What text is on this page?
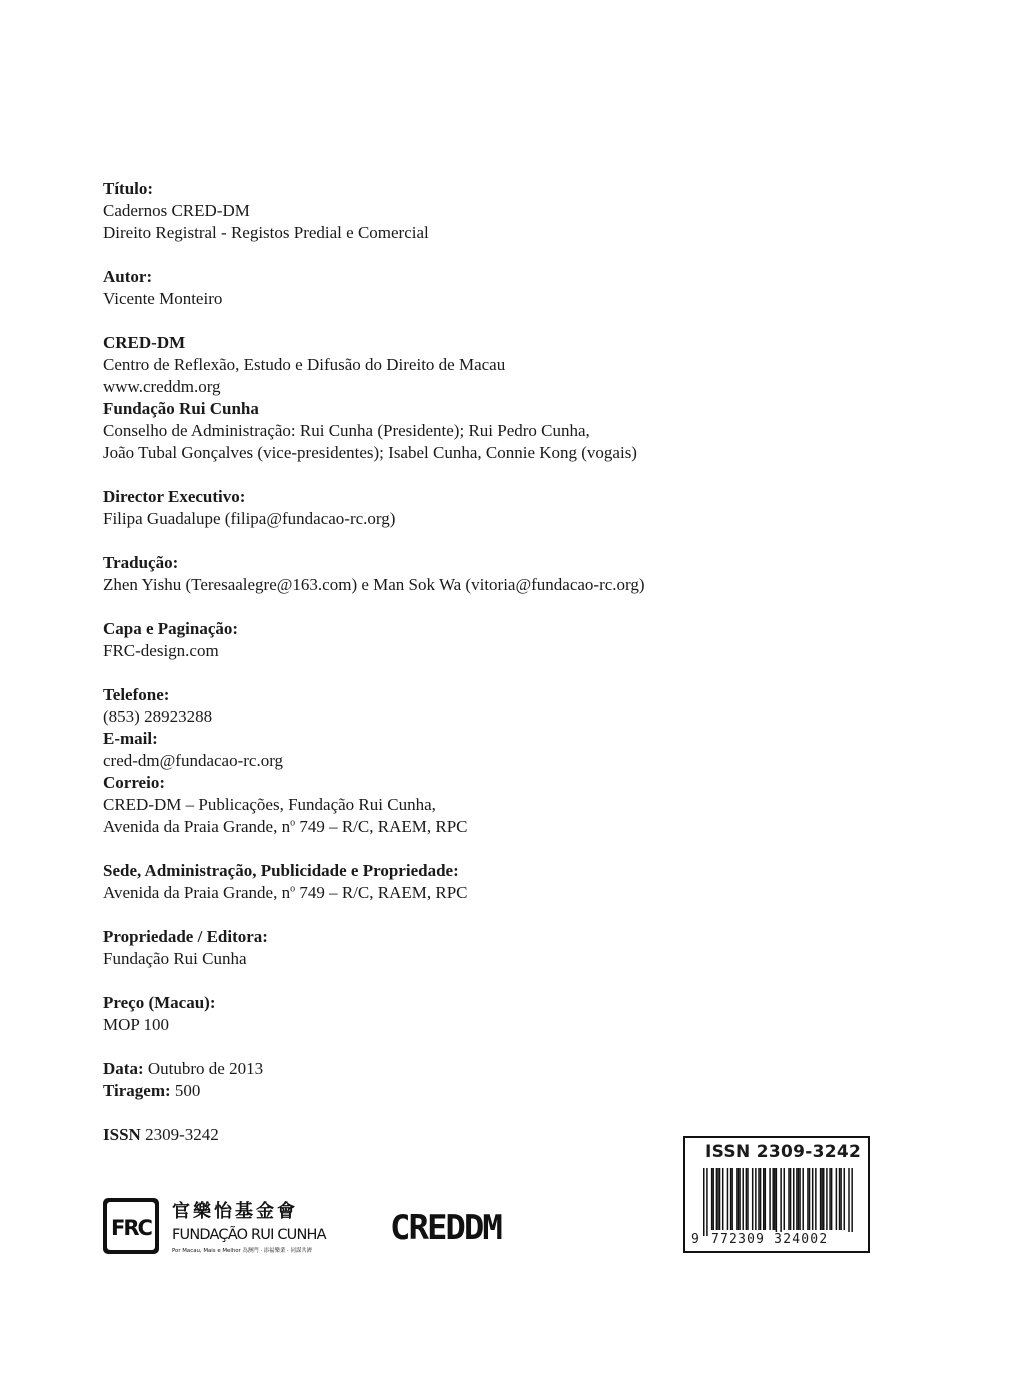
Título:
Cadernos CRED-DM
Direito Registral - Registos Predial e Comercial
Autor:
Vicente Monteiro
CRED-DM
Centro de Reflexão, Estudo e Difusão do Direito de Macau
www.creddm.org
Fundação Rui Cunha
Conselho de Administração: Rui Cunha (Presidente); Rui Pedro Cunha,
João Tubal Gonçalves (vice-presidentes); Isabel Cunha, Connie Kong (vogais)
Director Executivo:
Filipa Guadalupe (filipa@fundacao-rc.org)
Tradução:
Zhen Yishu (Teresaalegre@163.com) e Man Sok Wa (vitoria@fundacao-rc.org)
Capa e Paginação:
FRC-design.com
Telefone:
(853) 28923288
E-mail:
cred-dm@fundacao-rc.org
Correio:
CRED-DM – Publicações, Fundação Rui Cunha,
Avenida da Praia Grande, $n^o$ 749 – R/C, RAEM, RPC
Sede, Administração, Publicidade e Propriedade:
Avenida da Praia Grande, $n^o$ 749 – R/C, RAEM, RPC
Propriedade / Editora:
Fundação Rui Cunha
Preço (Macau):
MOP 100
Data: Outubro de 2013
Tiragem: 500
ISSN 2309-3242
FRC
官樂怡基金會
FUNDAÇÃO RUI CUNHA
Por Macau, Mais e Melhor 為澳門 · 添福樂業 · 同謀共濟
CREDDM
ISSN 2309-3242
9 772309 324002
